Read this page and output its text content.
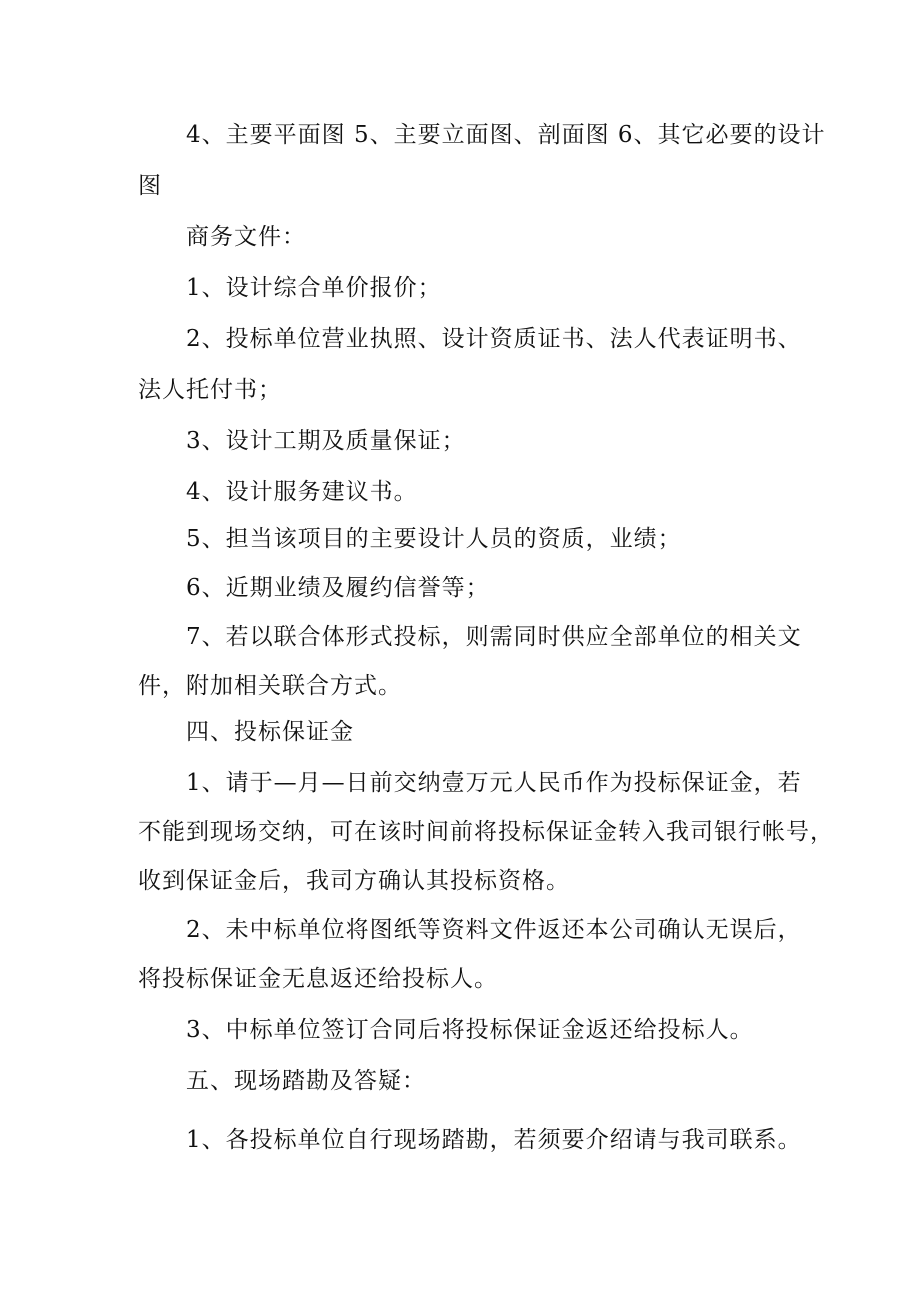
4、主要平面图 5、主要立面图、剖面图 6、其它必要的设计
图
商务文件：
1、设计综合单价报价；
2、投标单位营业执照、设计资质证书、法人代表证明书、
法人托付书；
3、设计工期及质量保证；
4、设计服务建议书。
5、担当该项目的主要设计人员的资质，业绩；
6、近期业绩及履约信誉等；
7、若以联合体形式投标，则需同时供应全部单位的相关文
件，附加相关联合方式。
四、投标保证金
1、请于—月—日前交纳壹万元人民币作为投标保证金，若
不能到现场交纳，可在该时间前将投标保证金转入我司银行帐号，
收到保证金后，我司方确认其投标资格。
2、未中标单位将图纸等资料文件返还本公司确认无误后，
将投标保证金无息返还给投标人。
3、中标单位签订合同后将投标保证金返还给投标人。
五、现场踏勘及答疑：
1、各投标单位自行现场踏勘，若须要介绍请与我司联系。
